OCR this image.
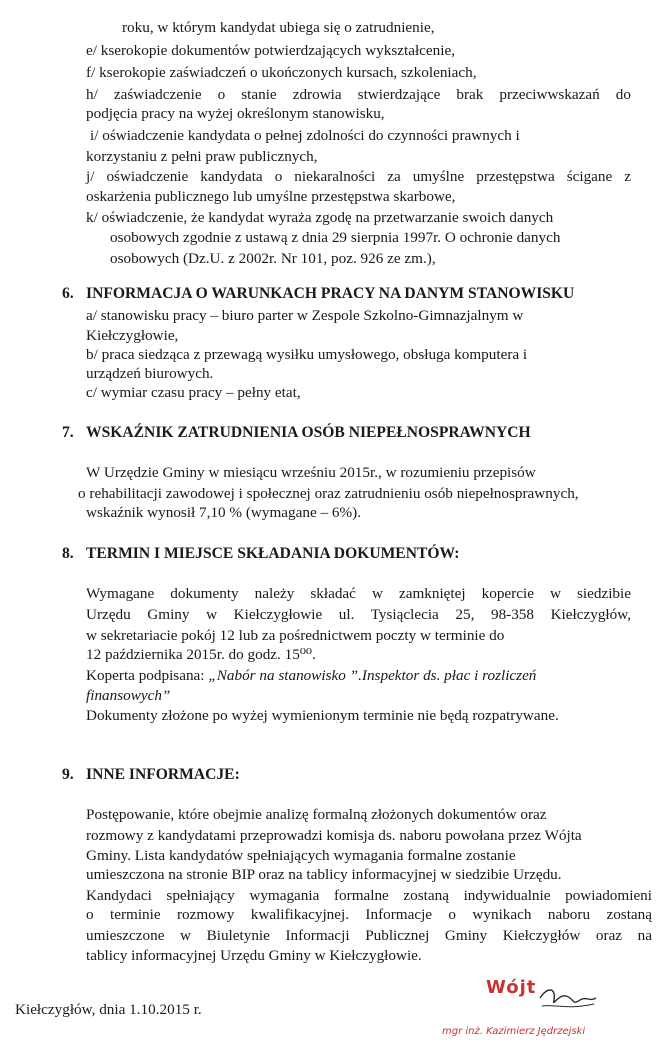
roku, w którym kandydat ubiega się o zatrudnienie,
e/ kserokopie dokumentów potwierdzających wykształcenie,
f/ kserokopie zaświadczeń o ukończonych kursach, szkoleniach,
h/ zaświadczenie o stanie zdrowia stwierdzające brak przeciwwskazań do
podjęcia pracy na wyżej określonym stanowisku,
i/ oświadczenie kandydata o pełnej zdolności do czynności prawnych i
korzystaniu z pełni praw publicznych,
j/ oświadczenie kandydata o niekaralności za umyślne przestępstwa ścigane z
oskarżenia publicznego lub umyślne przestępstwa skarbowe,
k/ oświadczenie, że kandydat wyraża zgodę na przetwarzanie swoich danych
osobowych zgodnie z ustawą z dnia 29 sierpnia 1997r. O ochronie danych
osobowych (Dz.U. z 2002r. Nr 101, poz. 926 ze zm.),
6. INFORMACJA O WARUNKACH PRACY NA DANYM STANOWISKU
a/ stanowisku pracy – biuro parter w Zespole Szkolno-Gimnazjalnym w
Kiełczygłowie,
b/ praca siedząca z przewagą wysiłku umysłowego, obsługa komputera i
urządzeń biurowych.
c/ wymiar czasu pracy – pełny etat,
7. WSKAŹNIK ZATRUDNIENIA OSÓB NIEPEŁNOSPRAWNYCH
W Urzędzie Gminy w miesiącu wrześniu 2015r., w rozumieniu przepisów
o rehabilitacji zawodowej i społecznej oraz zatrudnieniu osób niepełnosprawnych,
wskaźnik wynosił 7,10 % (wymagane – 6%).
8. TERMIN I MIEJSCE SKŁADANIA DOKUMENTÓW:
Wymagane dokumenty należy składać w zamkniętej kopercie w siedzibie
Urzędu Gminy w Kiełczygłowie ul. Tysiąclecia 25, 98-358 Kiełczygłów,
w sekretariacie pokój 12 lub za pośrednictwem poczty w terminie do
12 października 2015r. do godz. 15⁰⁰.
Koperta podpisana: „Nabór na stanowisko ”.Inspektor ds. płac i rozliczeń
finansowych”
Dokumenty złożone po wyżej wymienionym terminie nie będą rozpatrywane.
9. INNE INFORMACJE:
Postępowanie, które obejmie analizę formalną złożonych dokumentów oraz
rozmowy z kandydatami przeprowadzi komisja ds. naboru powołana przez Wójta
Gminy. Lista kandydatów spełniających wymagania formalne zostanie
umieszczona na stronie BIP oraz na tablicy informacyjnej w siedzibie Urzędu.
Kandydaci spełniający wymagania formalne zostaną indywidualnie powiadomieni
o terminie rozmowy kwalifikacyjnej. Informacje o wynikach naboru zostaną
umieszczone w Biuletynie Informacji Publicznej Gminy Kiełczygłów oraz na
tablicy informacyjnej Urzędu Gminy w Kiełczygłowie.
Kiełczygłów, dnia 1.10.2015 r.
Wójt
mgr inż. Kazimierz Jędrzejski
